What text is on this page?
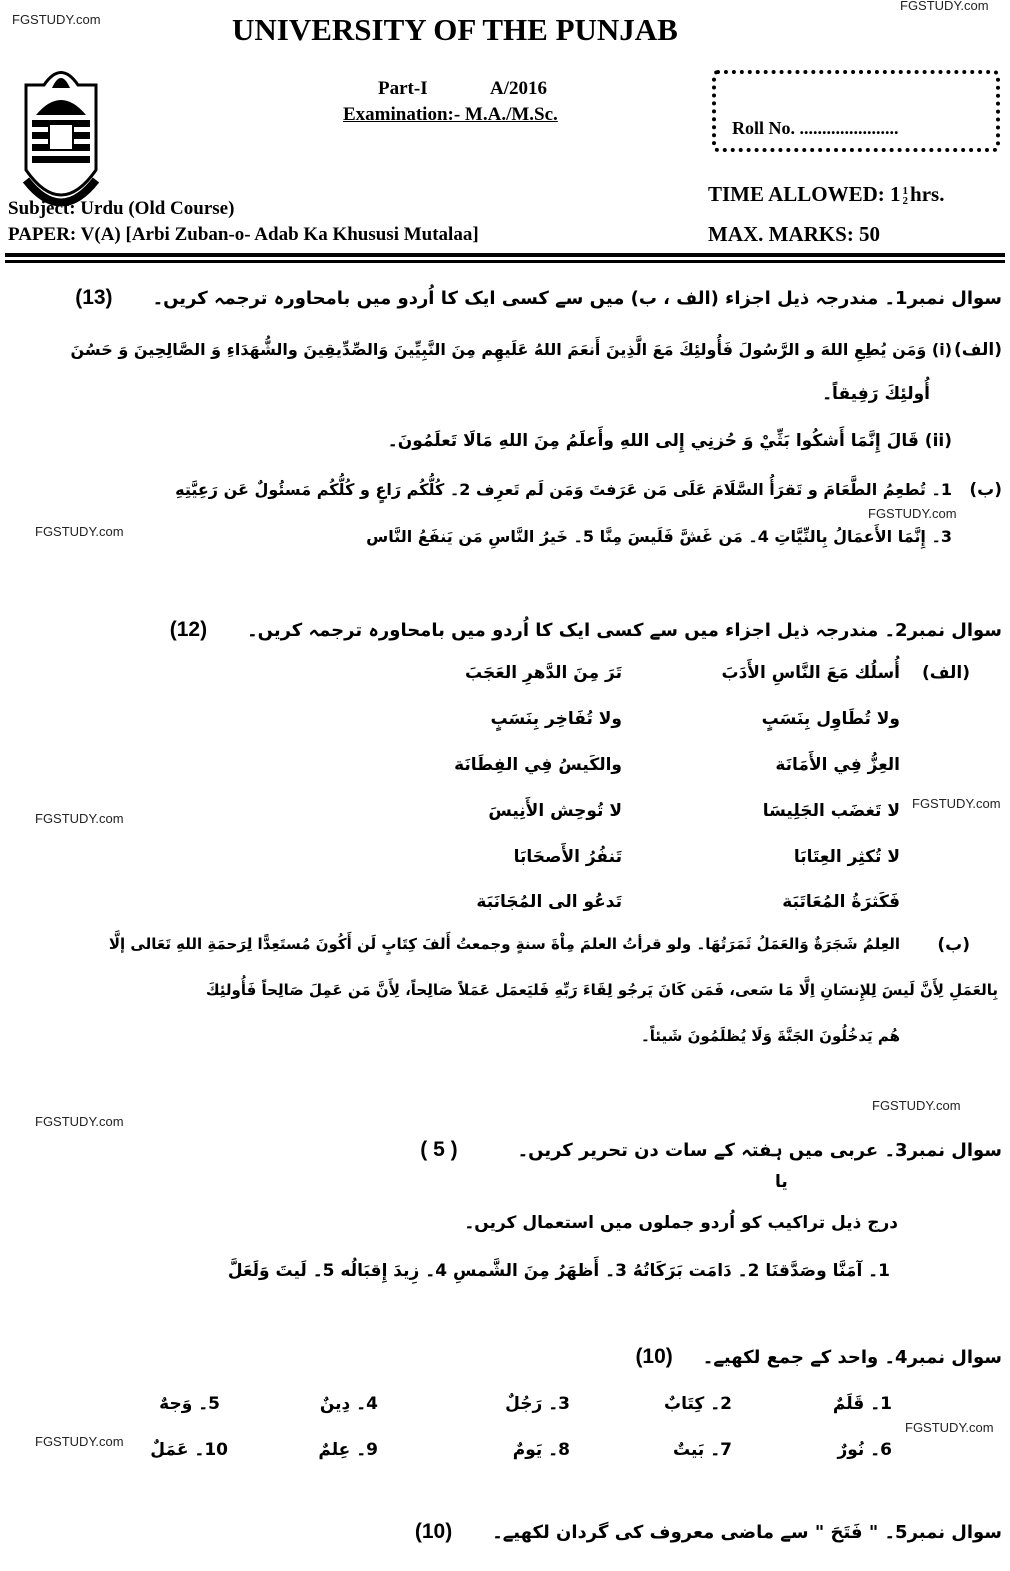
FGSTUDY.com
FGSTUDY.com
FGSTUDY.com
FGSTUDY.com
FGSTUDY.com
FGSTUDY.com
FGSTUDY.com
FGSTUDY.com
FGSTUDY.com
FGSTUDY.com
UNIVERSITY OF THE PUNJAB
Part-I	A/2016
Examination:- M.A./M.Sc.
Roll No. ......................
Subject: Urdu (Old Course)
PAPER: V(A) [Arbi Zuban-o- Adab Ka Khususi Mutalaa]
TIME ALLOWED: 1 1
2hrs.
MAX. MARKS: 50
سوال نمبر1۔ مندرجہ ذیل اجزاء (الف ، ب) میں سے کسی ایک کا اُردو میں بامحاورہ ترجمہ کریں۔
(13)
(الف)
(i) وَمَن يُطِعِ اللهَ و الرَّسُولَ فَأُولئِكَ مَعَ الَّذِينَ أَنعَمَ اللهُ عَلَيهِم مِنَ النَّبِيِّينَ وَالصِّدِّيقِينَ والشُّهَدَاءِ وَ الصَّالِحِينَ وَ حَسُنَ
أُولئِكَ رَفِيقاً۔
(ii) قَالَ إِنَّمَا أَشكُوا بَثِّيْ وَ حُزنِي إِلى اللهِ وأَعلَمُ مِنَ اللهِ مَالَا تَعلَمُونَ۔
(ب)
1۔ تُطعِمُ الطَّعَامَ و تَقرَأُ السَّلَامَ عَلَى مَن عَرَفتَ وَمَن لَم تَعرِف 2۔ كُلُّكُم رَاعٍ و كُلُّكُم مَسئُولٌ عَن رَعِيَّتِهِ
3۔ إِنَّمَا الأَعمَالُ بِالنِّيَّاتِ 4۔ مَن غَشَّ فَلَيسَ مِنَّا 5۔ خَيرُ النَّاسِ مَن يَنفَعُ النَّاس
سوال نمبر2۔ مندرجہ ذیل اجزاء میں سے کسی ایک کا اُردو میں بامحاورہ ترجمہ کریں۔
(12)
(الف)
أُسلُك مَعَ النَّاسِ الأَدَبَ
تَرَ مِنَ الدَّهرِ العَجَبَ
ولا تُطَاوِل بِنَسَبٍ
ولا تُفَاخِر بِنَسَبٍ
العِزُّ فِي الأَمَانَة
والكَيسُ فِي الفِطَانَة
لا تَغضَب الجَلِيسَا
لا تُوحِش الأَنِيسَ
لا تُكثِر العِتَابَا
تَنفُرُ الأَصحَابَا
فَكَثرَةُ المُعَاتَبَة
تَدعُو الى المُجَانَبَة
(ب)
العِلمُ شَجَرَةٌ وَالعَمَلُ ثَمَرَتُهَا۔ ولو قرأتُ العلمَ مِاْةَ سنةٍ وجمعتُ أَلفَ كِتَابٍ لَن أَكُونَ مُستَعِدًّا لِرَحمَةِ اللهِ تَعَالى إلَّا
بِالعَمَلِ لِأَنَّ لَيسَ لِلإِنسَانِ اِلَّا مَا سَعى، فَمَن كَانَ يَرجُو لِقَاءَ رَبِّهِ فَليَعمَل عَمَلاً صَالِحاً، لِأَنَّ مَن عَمِلَ صَالِحاً فَأُولئِكَ
هُم يَدخُلُونَ الجَنَّةَ وَلَا يُظلَمُونَ شَيئاً۔
سوال نمبر3۔ عربی میں ہفتہ کے سات دن تحریر کریں۔
( 5 )
یا
درج ذیل تراکیب کو اُردو جملوں میں استعمال کریں۔
1۔ آمَنَّا وصَدَّقنَا 2۔ دَامَت بَرَكَاتُهُ 3۔ أَظهَرُ مِنَ الشَّمسِ 4۔ زِيدَ إِقبَالُه 5۔ لَيتَ وَلَعَلَّ
سوال نمبر4۔ واحد کے جمع لکھیے۔
(10)
1۔ قَلَمٌ
2۔ كِتَابٌ
3۔ رَجُلٌ
4۔ دِينٌ
5۔ وَجهٌ
6۔ نُورٌ
7۔ بَيتٌ
8۔ يَومٌ
9۔ عِلمٌ
10۔ عَمَلٌ
سوال نمبر5۔ " فَتَحَ " سے ماضی معروف کی گردان لکھیے۔
(10)
